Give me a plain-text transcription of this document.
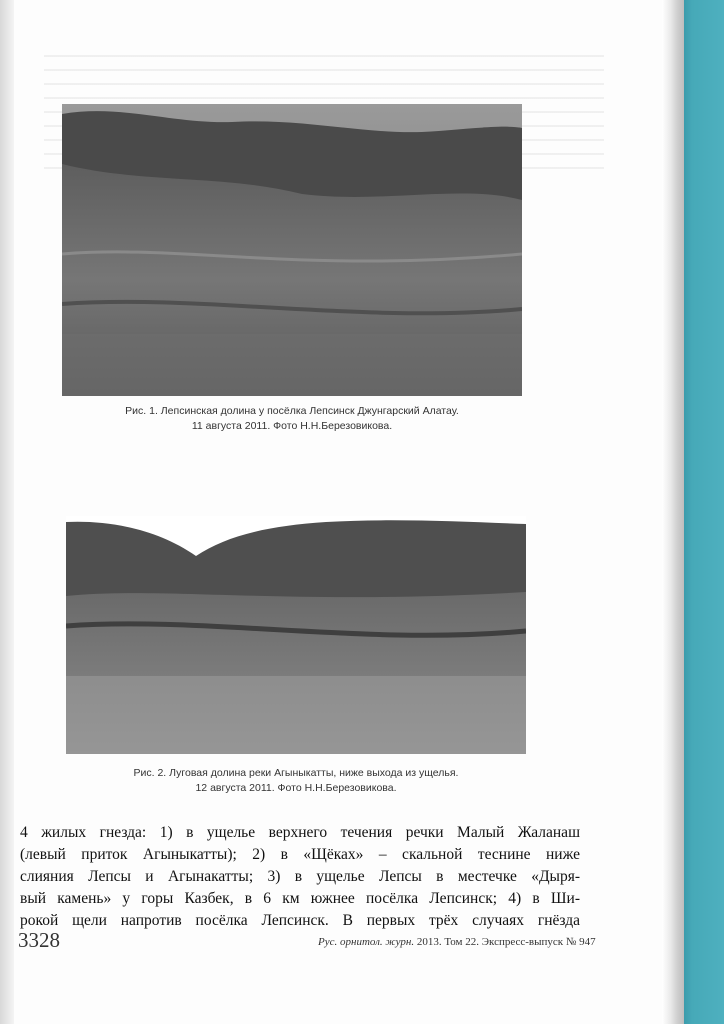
Рис. 1. Лепсинская долина у посёлка Лепсинск Джунгарский Алатау.
11 августа 2011. Фото Н.Н.Березовикова.
Рис. 2. Луговая долина реки Агыныкатты, ниже выхода из ущелья.
12 августа 2011. Фото Н.Н.Березовикова.
4 жилых гнезда: 1) в ущелье верхнего течения речки Малый Жаланаш
(левый приток Агыныкатты); 2) в «Щёках» – скальной теснине ниже
слияния Лепсы и Агынакатты; 3) в ущелье Лепсы в местечке «Дыря-
вый камень» у горы Казбек, в 6 км южнее посёлка Лепсинск; 4) в Ши-
рокой щели напротив посёлка Лепсинск. В первых трёх случаях гнёзда
3328	Рус. орнитол. журн. 2013. Том 22. Экспресс-выпуск № 947
